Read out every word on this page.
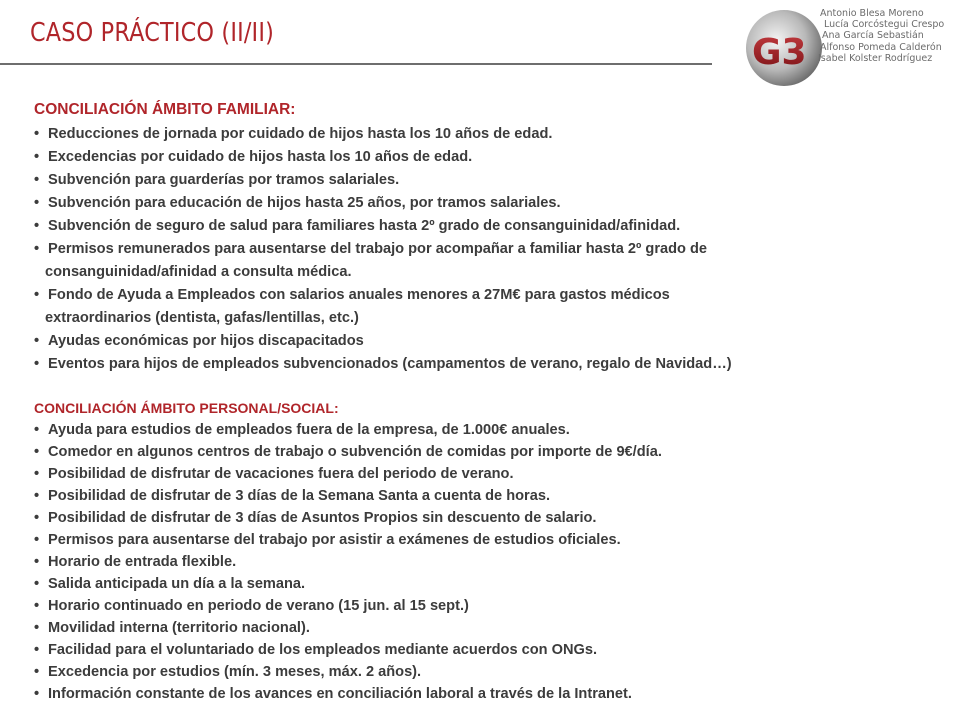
CASO PRÁCTICO (II/II)	G3
Antonio Blesa Moreno
Lucía Corcóstegui Crespo
Ana García Sebastián
Alfonso Pomeda Calderón
Isabel Kolster Rodríguez
CONCILIACIÓN ÁMBITO FAMILIAR:
• Reducciones de jornada por cuidado de hijos hasta los 10 años de edad.
• Excedencias por cuidado de hijos hasta los 10 años de edad.
• Subvención para guarderías por tramos salariales.
• Subvención para educación de hijos hasta 25 años, por tramos salariales.
• Subvención de seguro de salud para familiares hasta 2º grado de consanguinidad/afinidad.
• Permisos remunerados para ausentarse del trabajo por acompañar a familiar hasta 2º grado de
consanguinidad/afinidad a consulta médica.
• Fondo de Ayuda a Empleados con salarios anuales menores a 27M€ para gastos médicos
extraordinarios (dentista, gafas/lentillas, etc.)
• Ayudas económicas por hijos discapacitados
• Eventos para hijos de empleados subvencionados (campamentos de verano, regalo de Navidad…)
CONCILIACIÓN ÁMBITO PERSONAL/SOCIAL:
• Ayuda para estudios de empleados fuera de la empresa, de 1.000€ anuales.
• Comedor en algunos centros de trabajo o subvención de comidas por importe de 9€/día.
• Posibilidad de disfrutar de vacaciones fuera del periodo de verano.
• Posibilidad de disfrutar de 3 días de la Semana Santa a cuenta de horas.
• Posibilidad de disfrutar de 3 días de Asuntos Propios sin descuento de salario.
• Permisos para ausentarse del trabajo por asistir a exámenes de estudios oficiales.
• Horario de entrada flexible.
• Salida anticipada un día a la semana.
• Horario continuado en periodo de verano (15 jun. al 15 sept.)
• Movilidad interna (territorio nacional).
• Facilidad para el voluntariado de los empleados mediante acuerdos con ONGs.
• Excedencia por estudios (mín. 3 meses, máx. 2 años).
• Información constante de los avances en conciliación laboral a través de la Intranet.
